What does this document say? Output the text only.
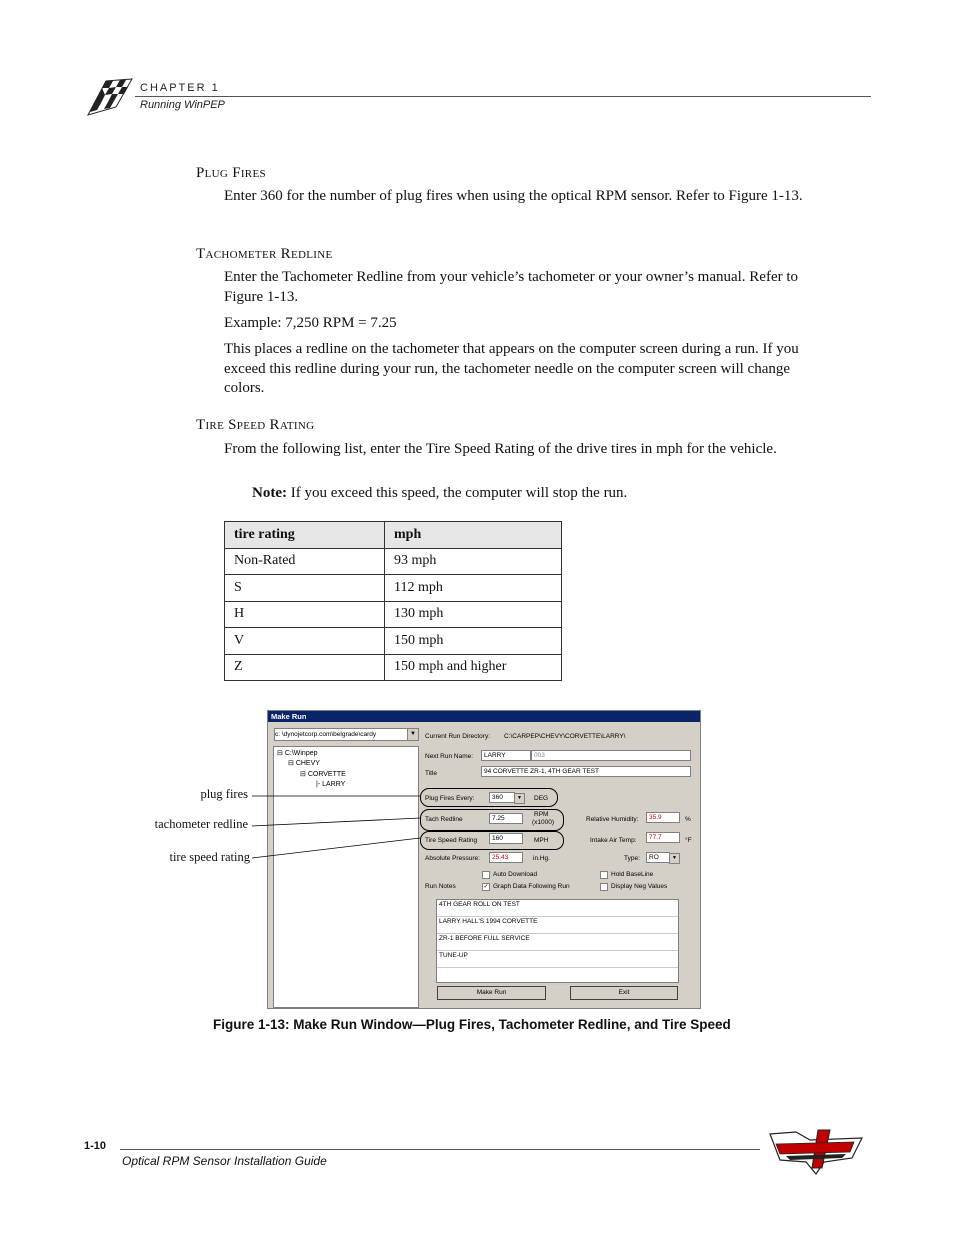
CHAPTER 1
Running WinPEP
Plug Fires
Enter 360 for the number of plug fires when using the optical RPM sensor. Refer to Figure 1-13.
Tachometer Redline
Enter the Tachometer Redline from your vehicle’s tachometer or your owner’s manual. Refer to Figure 1-13.
Example: 7,250 RPM = 7.25
This places a redline on the tachometer that appears on the computer screen during a run. If you exceed this redline during your run, the tachometer needle on the computer screen will change colors.
Tire Speed Rating
From the following list, enter the Tire Speed Rating of the drive tires in mph for the vehicle.
Note: If you exceed this speed, the computer will stop the run.
tire rating	mph
Non-Rated	93 mph
S	112 mph
H	130 mph
V	150 mph
Z	150 mph and higher
Make Run
c: \dynojetcorp.com\belgrade\cardy	▼
⊟ C:\Winpep
⊟ CHEVY
⊟ CORVETTE
|- LARRY
Current Run Directory: C:\CARPEP\CHEVY\CORVETTE\LARRY\
Next Run Name:	LARRY	003
Title	94 CORVETTE ZR-1, 4TH GEAR TEST
Plug Fires Every:	360	▼	DEG
Tach Redline	7.25
RPM
(x1000)
Tire Speed Rating	160	MPH
Absolute Pressure:	25.43	in.Hg.
Relative Humidity:	35.9	%
Intake Air Temp:	77.7	°F
Type:	RO	▼
Auto Download
✓ Graph Data Following Run
Hold BaseLine
Display Neg Values
Run Notes
4TH GEAR ROLL ON TEST
LARRY HALL'S 1994 CORVETTE
ZR-1 BEFORE FULL SERVICE
TUNE-UP
Make Run	Exit
plug fires
tachometer redline
tire speed rating
Figure 1-13: Make Run Window—Plug Fires, Tachometer Redline, and Tire Speed
1-10
Optical RPM Sensor Installation Guide
